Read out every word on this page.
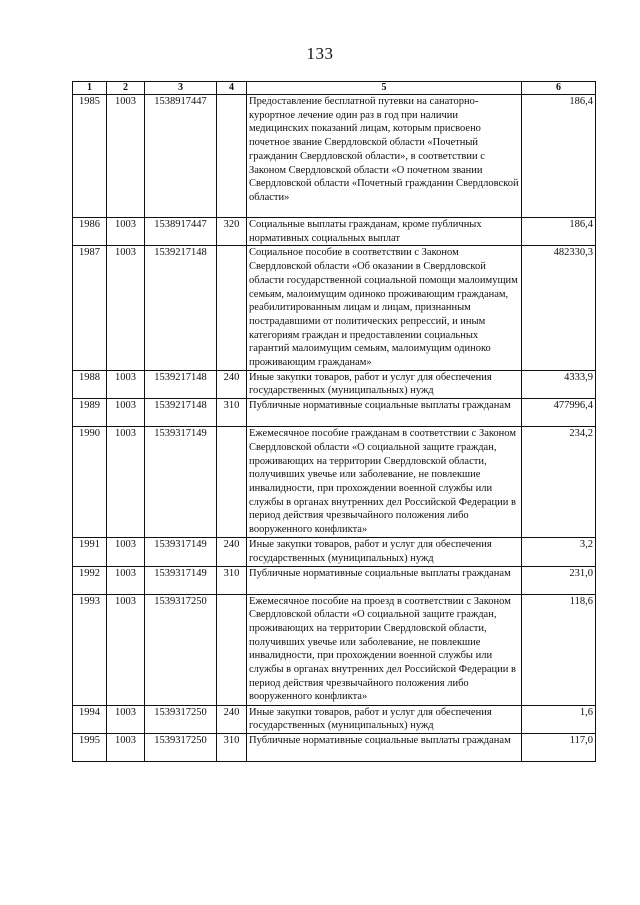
133
1	2	3	4	5	6
1985	1003	1538917447		Предоставление бесплатной путевки на санаторно-курортное лечение один раз в год при наличии медицинских показаний лицам, которым присвоено почетное звание Свердловской области «Почетный гражданин Свердловской области», в соответствии с Законом Свердловской области «О почетном звании Свердловской области «Почетный гражданин Свердловской области»	186,4
1986	1003	1538917447	320	Социальные выплаты гражданам, кроме публичных нормативных социальных выплат	186,4
1987	1003	1539217148		Социальное пособие в соответствии с Законом Свердловской области «Об оказании в Свердловской области государственной социальной помощи малоимущим семьям, малоимущим одиноко проживающим гражданам, реабилитированным лицам и лицам, признанным пострадавшими от политических репрессий, и иным категориям граждан и предоставлении социальных гарантий малоимущим семьям, малоимущим одиноко проживающим гражданам»	482330,3
1988	1003	1539217148	240	Иные закупки товаров, работ и услуг для обеспечения государственных (муниципальных) нужд	4333,9
1989	1003	1539217148	310	Публичные нормативные социальные выплаты гражданам	477996,4
1990	1003	1539317149		Ежемесячное пособие гражданам в соответствии с Законом Свердловской области «О социальной защите граждан, проживающих на территории Свердловской области, получивших увечье или заболевание, не повлекшие инвалидности, при прохождении военной службы или службы в органах внутренних дел Российской Федерации в период действия чрезвычайного положения либо вооруженного конфликта»	234,2
1991	1003	1539317149	240	Иные закупки товаров, работ и услуг для обеспечения государственных (муниципальных) нужд	3,2
1992	1003	1539317149	310	Публичные нормативные социальные выплаты гражданам	231,0
1993	1003	1539317250		Ежемесячное пособие на проезд в соответствии с Законом Свердловской области «О социальной защите граждан, проживающих на территории Свердловской области, получивших увечье или заболевание, не повлекшие инвалидности, при прохождении военной службы или службы в органах внутренних дел Российской Федерации в период действия чрезвычайного положения либо вооруженного конфликта»	118,6
1994	1003	1539317250	240	Иные закупки товаров, работ и услуг для обеспечения государственных (муниципальных) нужд	1,6
1995	1003	1539317250	310	Публичные нормативные социальные выплаты гражданам	117,0
